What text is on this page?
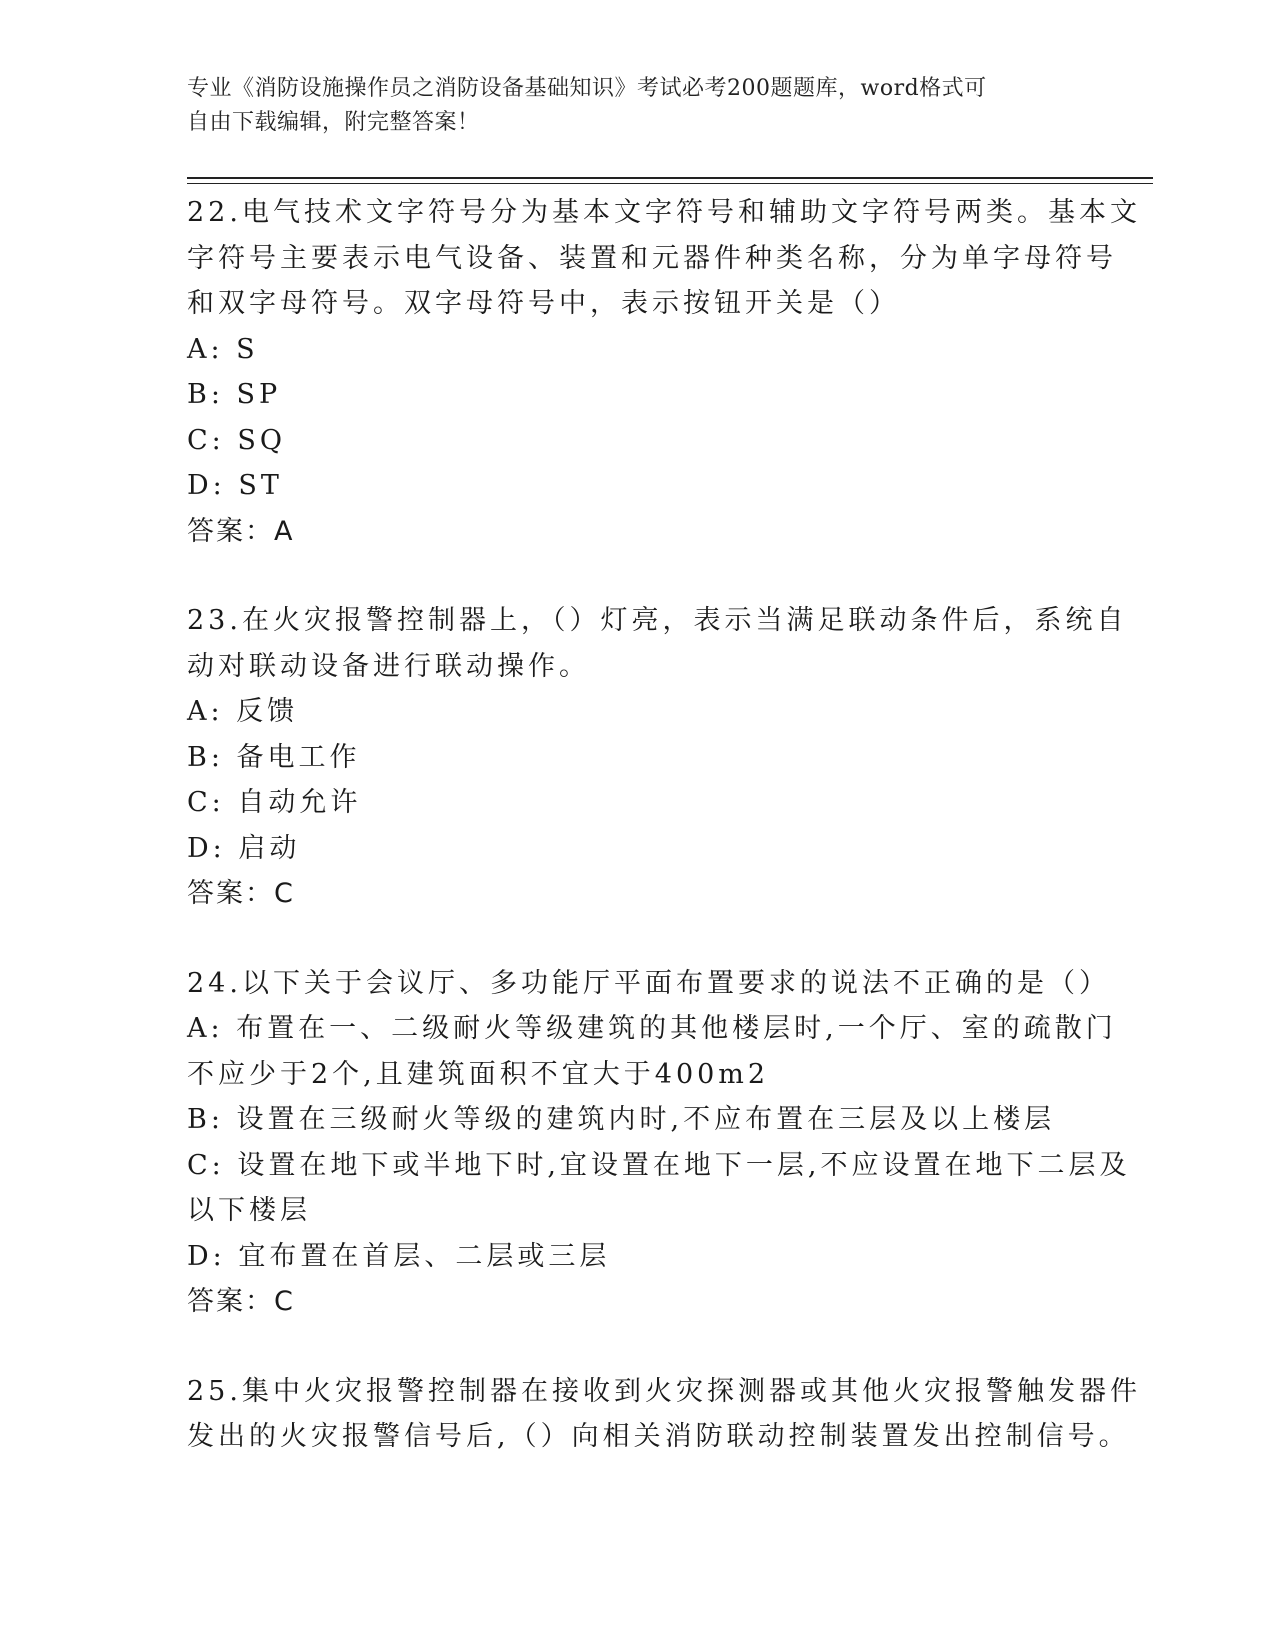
专业《消防设施操作员之消防设备基础知识》考试必考200题题库，word格式可
自由下载编辑，附完整答案！
22.电气技术文字符号分为基本文字符号和辅助文字符号两类。基本文
字符号主要表示电气设备、装置和元器件种类名称，分为单字母符号
和双字母符号。双字母符号中，表示按钮开关是（）
A: S
B: SP
C: SQ
D: ST
答案：A
23.在火灾报警控制器上，（）灯亮，表示当满足联动条件后，系统自
动对联动设备进行联动操作。
A: 反馈
B: 备电工作
C: 自动允许
D: 启动
答案：C
24.以下关于会议厅、多功能厅平面布置要求的说法不正确的是（）
A: 布置在一、二级耐火等级建筑的其他楼层时,一个厅、室的疏散门
不应少于2个,且建筑面积不宜大于400m2
B: 设置在三级耐火等级的建筑内时,不应布置在三层及以上楼层
C: 设置在地下或半地下时,宜设置在地下一层,不应设置在地下二层及
以下楼层
D: 宜布置在首层、二层或三层
答案：C
25.集中火灾报警控制器在接收到火灾探测器或其他火灾报警触发器件
发出的火灾报警信号后,（）向相关消防联动控制装置发出控制信号。
